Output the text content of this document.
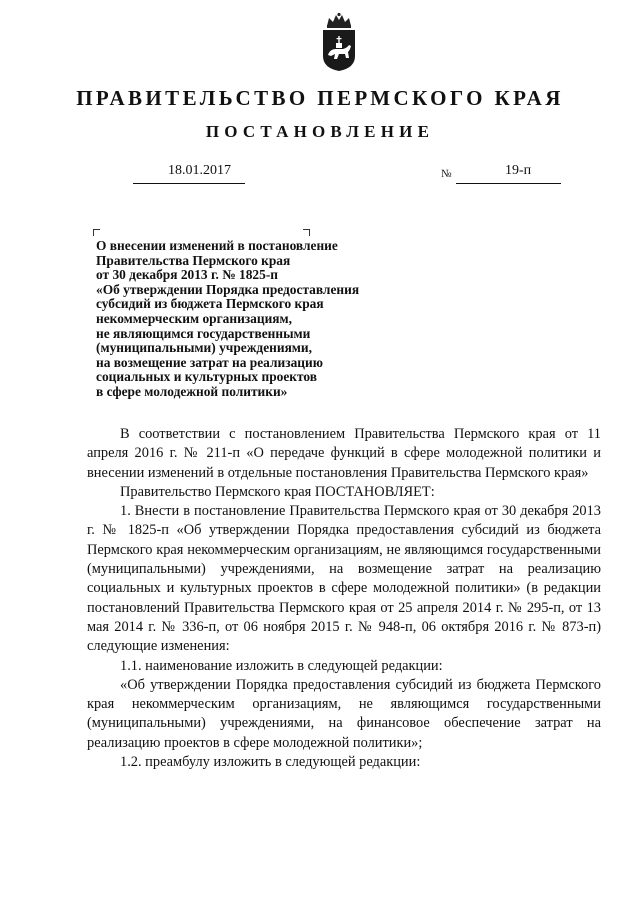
ПРАВИТЕЛЬСТВО ПЕРМСКОГО КРАЯ
ПОСТАНОВЛЕНИЕ
18.01.2017	№	19-п
О внесении изменений в постановление
Правительства Пермского края
от 30 декабря 2013 г. № 1825-п
«Об утверждении Порядка предоставления
субсидий из бюджета Пермского края
некоммерческим организациям,
не являющимся государственными
(муниципальными) учреждениями,
на возмещение затрат на реализацию
социальных и культурных проектов
в сфере молодежной политики»

В соответствии с постановлением Правительства Пермского края от 11 апреля 2016 г. № 211-п «О передаче функций в сфере молодежной политики и внесении изменений в отдельные постановления Правительства Пермского края»

Правительство Пермского края ПОСТАНОВЛЯЕТ:

1. Внести в постановление Правительства Пермского края от 30 декабря 2013 г. № 1825-п «Об утверждении Порядка предоставления субсидий из бюджета Пермского края некоммерческим организациям, не являющимся государственными (муниципальными) учреждениями, на возмещение затрат на реализацию социальных и культурных проектов в сфере молодежной политики» (в редакции постановлений Правительства Пермского края от 25 апреля 2014 г. № 295-п, от 13 мая 2014 г. № 336-п, от 06 ноября 2015 г. № 948-п, 06 октября 2016 г. № 873-п) следующие изменения:

1.1. наименование изложить в следующей редакции:

«Об утверждении Порядка предоставления субсидий из бюджета Пермского края некоммерческим организациям, не являющимся государственными (муниципальными) учреждениями, на финансовое обеспечение затрат на реализацию проектов в сфере молодежной политики»;

1.2. преамбулу изложить в следующей редакции:
